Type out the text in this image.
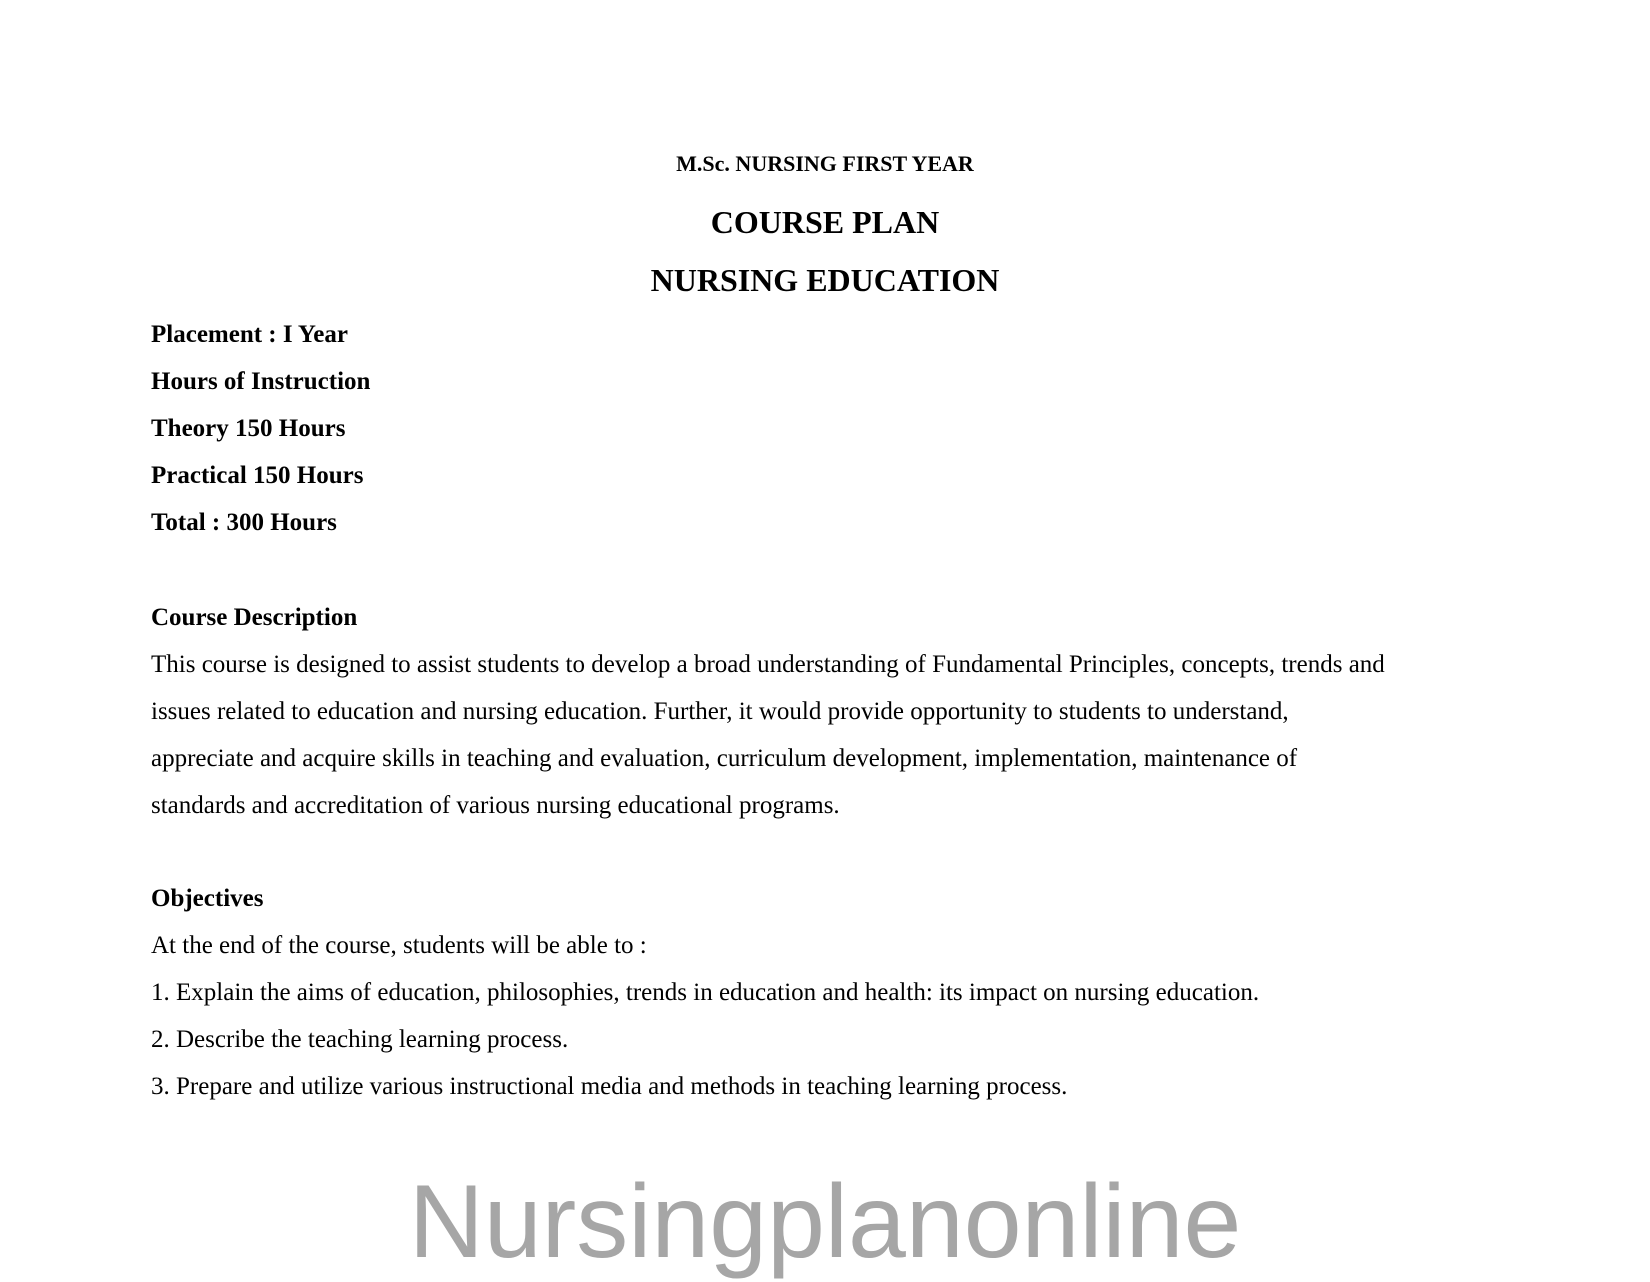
M.Sc. NURSING FIRST YEAR
COURSE PLAN
NURSING EDUCATION
Placement : I Year
Hours of Instruction
Theory 150 Hours
Practical 150 Hours
Total : 300 Hours
Course Description
This course is designed to assist students to develop a broad understanding of Fundamental Principles, concepts, trends and
issues related to education and nursing education. Further, it would provide opportunity to students to understand,
appreciate and acquire skills in teaching and evaluation, curriculum development, implementation, maintenance of
standards and accreditation of various nursing educational programs.
Objectives
At the end of the course, students will be able to :
1. Explain the aims of education, philosophies, trends in education and health: its impact on nursing education.
2. Describe the teaching learning process.
3. Prepare and utilize various instructional media and methods in teaching learning process.
Nursingplanonline
